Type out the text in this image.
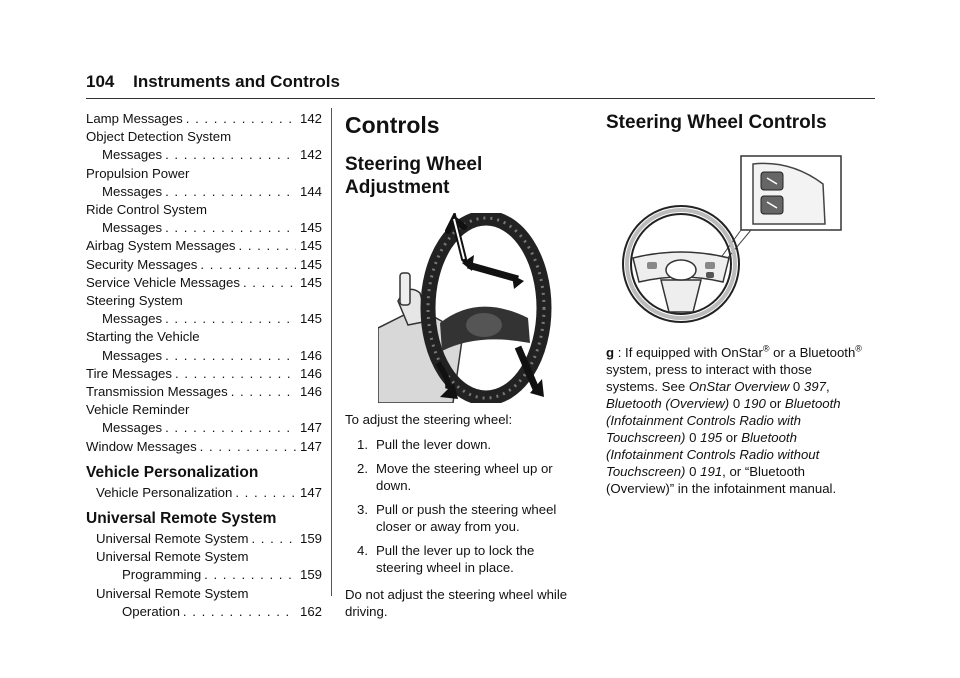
104 Instruments and Controls
Lamp Messages . . .	142
Object Detection System
Messages . . .	142
Propulsion Power
Messages . . .	144
Ride Control System
Messages . . .	145
Airbag System Messages . . .	145
Security Messages . . .	145
Service Vehicle Messages . . .	145
Steering System
Messages . . .	145
Starting the Vehicle
Messages . . .	146
Tire Messages . . .	146
Transmission Messages . . .	146
Vehicle Reminder
Messages . . .	147
Window Messages . . .	147
Vehicle Personalization
Vehicle Personalization . . .	147
Universal Remote System
Universal Remote System . . .	159
Universal Remote System
Programming . . .	159
Universal Remote System
Operation . . .	162
Controls
Steering Wheel Adjustment
To adjust the steering wheel:
1. Pull the lever down.
2. Move the steering wheel up or down.
3. Pull or push the steering wheel closer or away from you.
4. Pull the lever up to lock the steering wheel in place.
Do not adjust the steering wheel while driving.
Steering Wheel Controls
g : If equipped with OnStar® or a Bluetooth® system, press to interact with those systems. See OnStar Overview 0 397, Bluetooth (Overview) 0 190 or Bluetooth (Infotainment Controls Radio with Touchscreen) 0 195 or Bluetooth (Infotainment Controls Radio without Touchscreen) 0 191, or “Bluetooth (Overview)” in the infotainment manual.
